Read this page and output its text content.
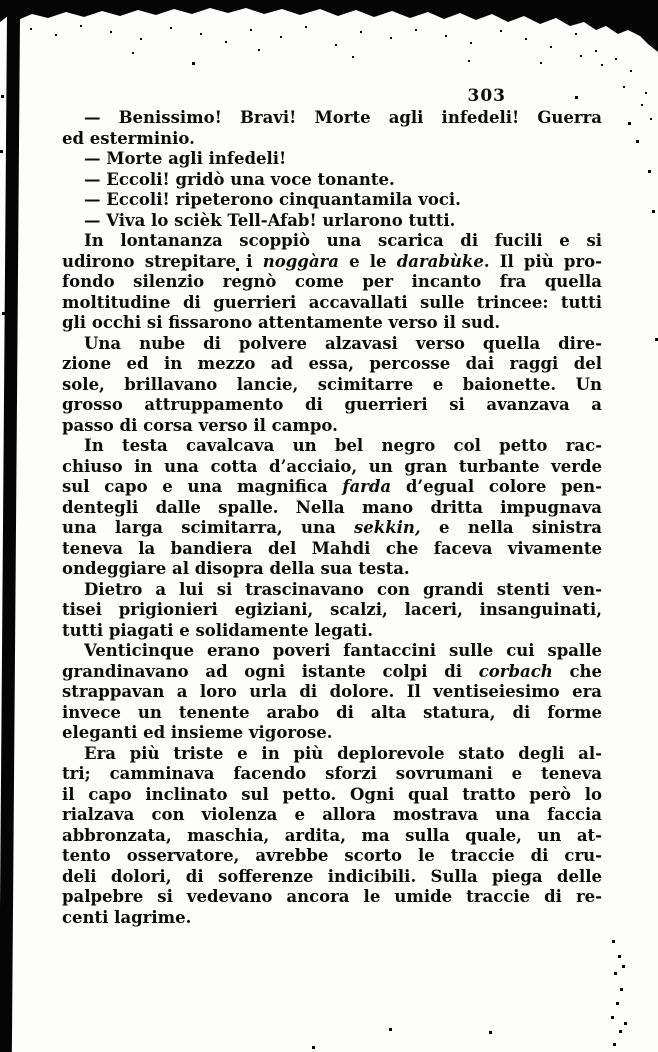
303
— Benissimo! Bravi! Morte agli infedeli! Guerra
ed esterminio.
— Morte agli infedeli!
— Eccoli! gridò una voce tonante.
— Eccoli! ripeterono cinquantamila voci.
— Viva lo scièk Tell-Afab! urlarono tutti.
In lontananza scoppiò una scarica di fucili e si
udirono strepitare i noggàra e le darabùke. Il più pro-
fondo silenzio regnò come per incanto fra quella
moltitudine di guerrieri accavallati sulle trincee: tutti
gli occhi si fissarono attentamente verso il sud.
Una nube di polvere alzavasi verso quella dire-
zione ed in mezzo ad essa, percosse dai raggi del
sole, brillavano lancie, scimitarre e baionette. Un
grosso attruppamento di guerrieri si avanzava a
passo di corsa verso il campo.
In testa cavalcava un bel negro col petto rac-
chiuso in una cotta d’acciaio, un gran turbante verde
sul capo e una magnifica farda d’egual colore pen-
dentegli dalle spalle. Nella mano dritta impugnava
una larga scimitarra, una sekkin, e nella sinistra
teneva la bandiera del Mahdi che faceva vivamente
ondeggiare al disopra della sua testa.
Dietro a lui si trascinavano con grandi stenti ven-
tisei prigionieri egiziani, scalzi, laceri, insanguinati,
tutti piagati e solidamente legati.
Venticinque erano poveri fantaccini sulle cui spalle
grandinavano ad ogni istante colpi di corbach che
strappavan a loro urla di dolore. Il ventiseiesimo era
invece un tenente arabo di alta statura, di forme
eleganti ed insieme vigorose.
Era più triste e in più deplorevole stato degli al-
tri; camminava facendo sforzi sovrumani e teneva
il capo inclinato sul petto. Ogni qual tratto però lo
rialzava con violenza e allora mostrava una faccia
abbronzata, maschia, ardita, ma sulla quale, un at-
tento osservatore, avrebbe scorto le traccie di cru-
deli dolori, di sofferenze indicibili. Sulla piega delle
palpebre si vedevano ancora le umide traccie di re-
centi lagrime.
